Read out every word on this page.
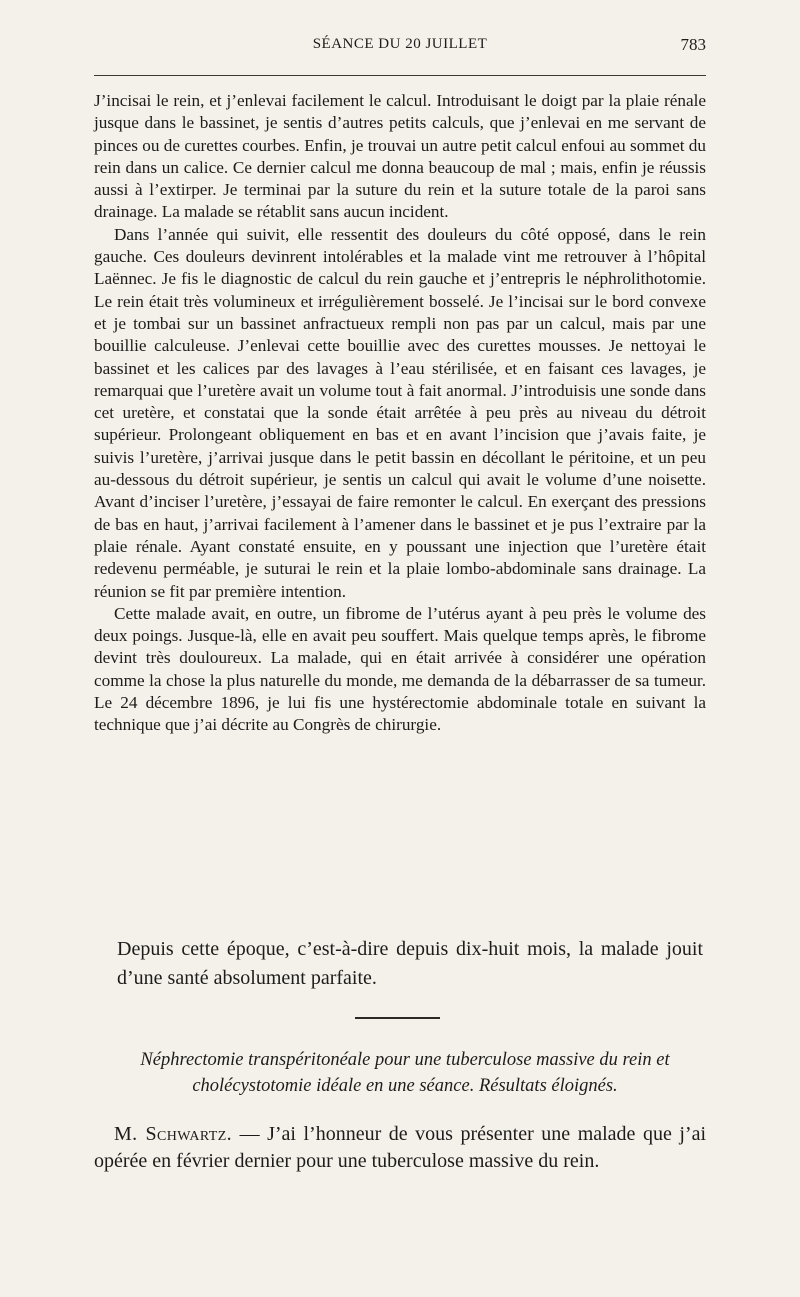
SÉANCE DU 20 JUILLET	783

J’incisai le rein, et j’enlevai facilement le calcul. Introduisant le doigt par la plaie rénale jusque dans le bassinet, je sentis d’autres petits calculs, que j’enlevai en me servant de pinces ou de curettes courbes. Enfin, je trouvai un autre petit calcul enfoui au sommet du rein dans un calice. Ce dernier calcul me donna beaucoup de mal ; mais, enfin je réussis aussi à l’extirper. Je terminai par la suture du rein et la suture totale de la paroi sans drainage. La malade se rétablit sans aucun incident.

Dans l’année qui suivit, elle ressentit des douleurs du côté opposé, dans le rein gauche. Ces douleurs devinrent intolérables et la malade vint me retrouver à l’hôpital Laënnec. Je fis le diagnostic de calcul du rein gauche et j’entrepris le néphrolithotomie. Le rein était très volumineux et irrégulièrement bosselé. Je l’incisai sur le bord convexe et je tombai sur un bassinet anfractueux rempli non pas par un calcul, mais par une bouillie calculeuse. J’enlevai cette bouillie avec des curettes mousses. Je nettoyai le bassinet et les calices par des lavages à l’eau stérilisée, et en faisant ces lavages, je remarquai que l’uretère avait un volume tout à fait anormal. J’introduisis une sonde dans cet uretère, et constatai que la sonde était arrêtée à peu près au niveau du détroit supérieur. Prolongeant obliquement en bas et en avant l’incision que j’avais faite, je suivis l’uretère, j’arrivai jusque dans le petit bassin en décollant le péritoine, et un peu au-dessous du détroit supérieur, je sentis un calcul qui avait le volume d’une noisette. Avant d’inciser l’uretère, j’essayai de faire remonter le calcul. En exerçant des pressions de bas en haut, j’arrivai facilement à l’amener dans le bassinet et je pus l’extraire par la plaie rénale. Ayant constaté ensuite, en y poussant une injection que l’uretère était redevenu perméable, je suturai le rein et la plaie lombo-abdominale sans drainage. La réunion se fit par première intention.

Cette malade avait, en outre, un fibrome de l’utérus ayant à peu près le volume des deux poings. Jusque-là, elle en avait peu souffert. Mais quelque temps après, le fibrome devint très douloureux. La malade, qui en était arrivée à considérer une opération comme la chose la plus naturelle du monde, me demanda de la débarrasser de sa tumeur. Le 24 décembre 1896, je lui fis une hystérectomie abdominale totale en suivant la technique que j’ai décrite au Congrès de chirurgie.

Depuis cette époque, c’est-à-dire depuis dix-huit mois, la malade jouit d’une santé absolument parfaite.
Néphrectomie transpéritonéale pour une tuberculose massive du rein et cholécystotomie idéale en une séance. Résultats éloignés.
M. Schwartz. — J’ai l’honneur de vous présenter une malade que j’ai opérée en février dernier pour une tuberculose massive du rein.
